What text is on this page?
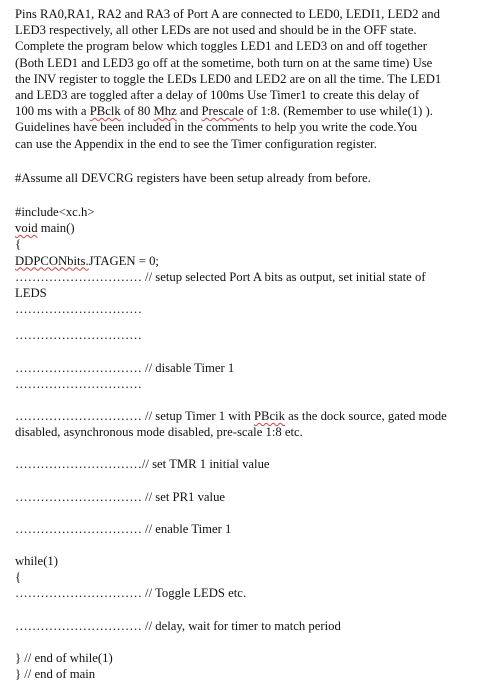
Pins RA0,RA1, RA2 and RA3 of Port A are connected to LED0, LEDI1, LED2 and
LED3 respectively, all other LEDs are not used and should be in the OFF state.
Complete the program below which toggles LED1 and LED3 on and off together
(Both LED1 and LED3 go off at the sometime, both turn on at the same time) Use
the INV register to toggle the LEDs LED0 and LED2 are on all the time. The LED1
and LED3 are toggled after a delay of 100ms Use Timer1 to create this delay of
100 ms with a PBclk of 80 Mhz and Prescale of 1:8. (Remember to use while(1) ).
Guidelines have been included in the comments to help you write the code.You
can use the Appendix in the end to see the Timer configuration register.
#Assume all DEVCRG registers have been setup already from before.
#include<xc.h>
void main()
{
DDPCONbits.JTAGEN = 0;
………………………… // setup selected Port A bits as output, set initial state of
LEDS
…………………………
…………………………
………………………… // disable Timer 1
…………………………
………………………… // setup Timer 1 with PBcik as the dock source, gated mode
disabled, asynchronous mode disabled, pre-scale 1:8 etc.
…………………………// set TMR 1 initial value
………………………… // set PR1 value
………………………… // enable Timer 1
while(1)
{
………………………… // Toggle LEDS etc.
………………………… // delay, wait for timer to match period
} // end of while(1)
} // end of main
